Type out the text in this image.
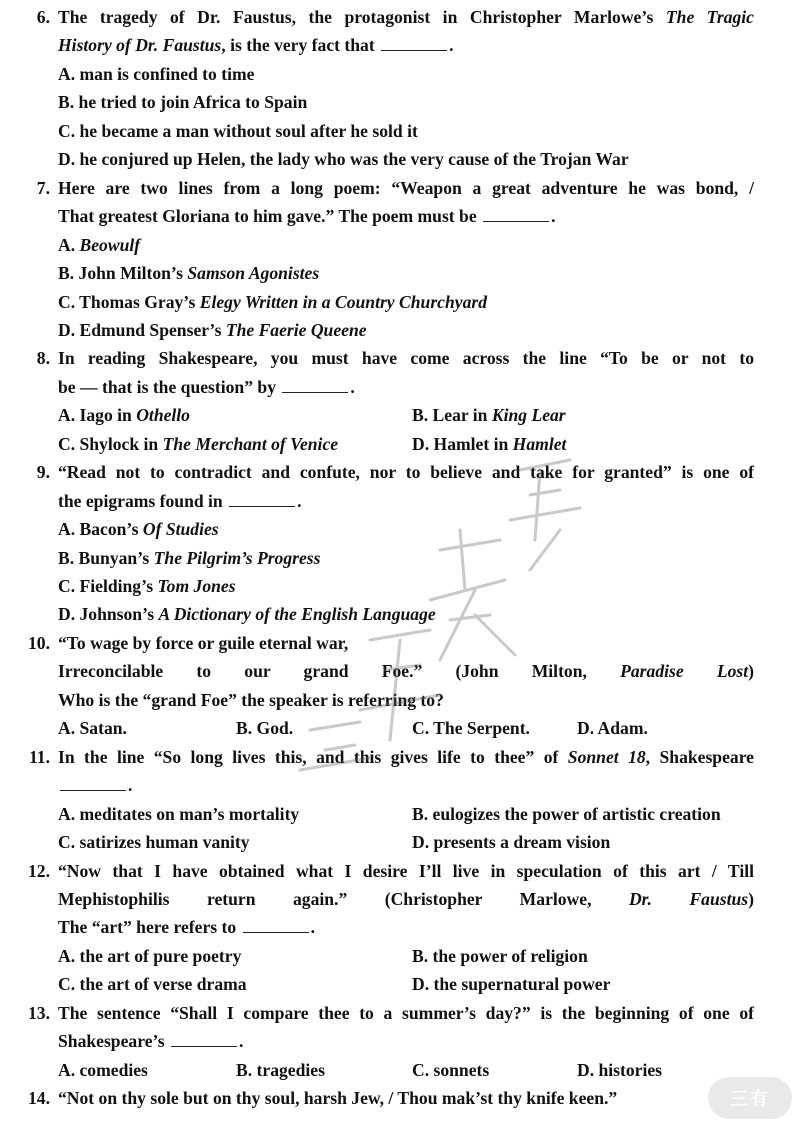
6. The tragedy of Dr. Faustus, the protagonist in Christopher Marlowe’s The Tragic
History of Dr. Faustus, is the very fact that	.
A. man is confined to time
B. he tried to join Africa to Spain
C. he became a man without soul after he sold it
D. he conjured up Helen, the lady who was the very cause of the Trojan War
7. Here are two lines from a long poem: “Weapon a great adventure he was bond, /
That greatest Gloriana to him gave.” The poem must be	.
A. Beowulf
B. John Milton’s Samson Agonistes
C. Thomas Gray’s Elegy Written in a Country Churchyard
D. Edmund Spenser’s The Faerie Queene
8. In reading Shakespeare, you must have come across the line “To be or not to
be — that is the question” by	.
A. Iago in Othello	B. Lear in King Lear
C. Shylock in The Merchant of Venice	D. Hamlet in Hamlet
9. “Read not to contradict and confute, nor to believe and take for granted” is one of
the epigrams found in	.
A. Bacon’s Of Studies
B. Bunyan’s The Pilgrim’s Progress
C. Fielding’s Tom Jones
D. Johnson’s A Dictionary of the English Language
10. “To wage by force or guile eternal war,
Irreconcilable to our grand Foe.” (John Milton, Paradise Lost)
Who is the “grand Foe” the speaker is referring to?
A. Satan.	B. God.	C. The Serpent.	D. Adam.
11. In the line “So long lives this, and this gives life to thee” of Sonnet 18, Shakespeare
.
A. meditates on man’s mortality	B. eulogizes the power of artistic creation
C. satirizes human vanity	D. presents a dream vision
12. “Now that I have obtained what I desire I’ll live in speculation of this art / Till
Mephistophilis return again.” (Christopher Marlowe, Dr. Faustus)
The “art” here refers to	.
A. the art of pure poetry	B. the power of religion
C. the art of verse drama	D. the supernatural power
13. The sentence “Shall I compare thee to a summer’s day?” is the beginning of one of
Shakespeare’s	.
A. comedies	B. tragedies	C. sonnets	D. histories
14. “Not on thy sole but on thy soul, harsh Jew, / Thou mak’st thy knife keen.”	三有
